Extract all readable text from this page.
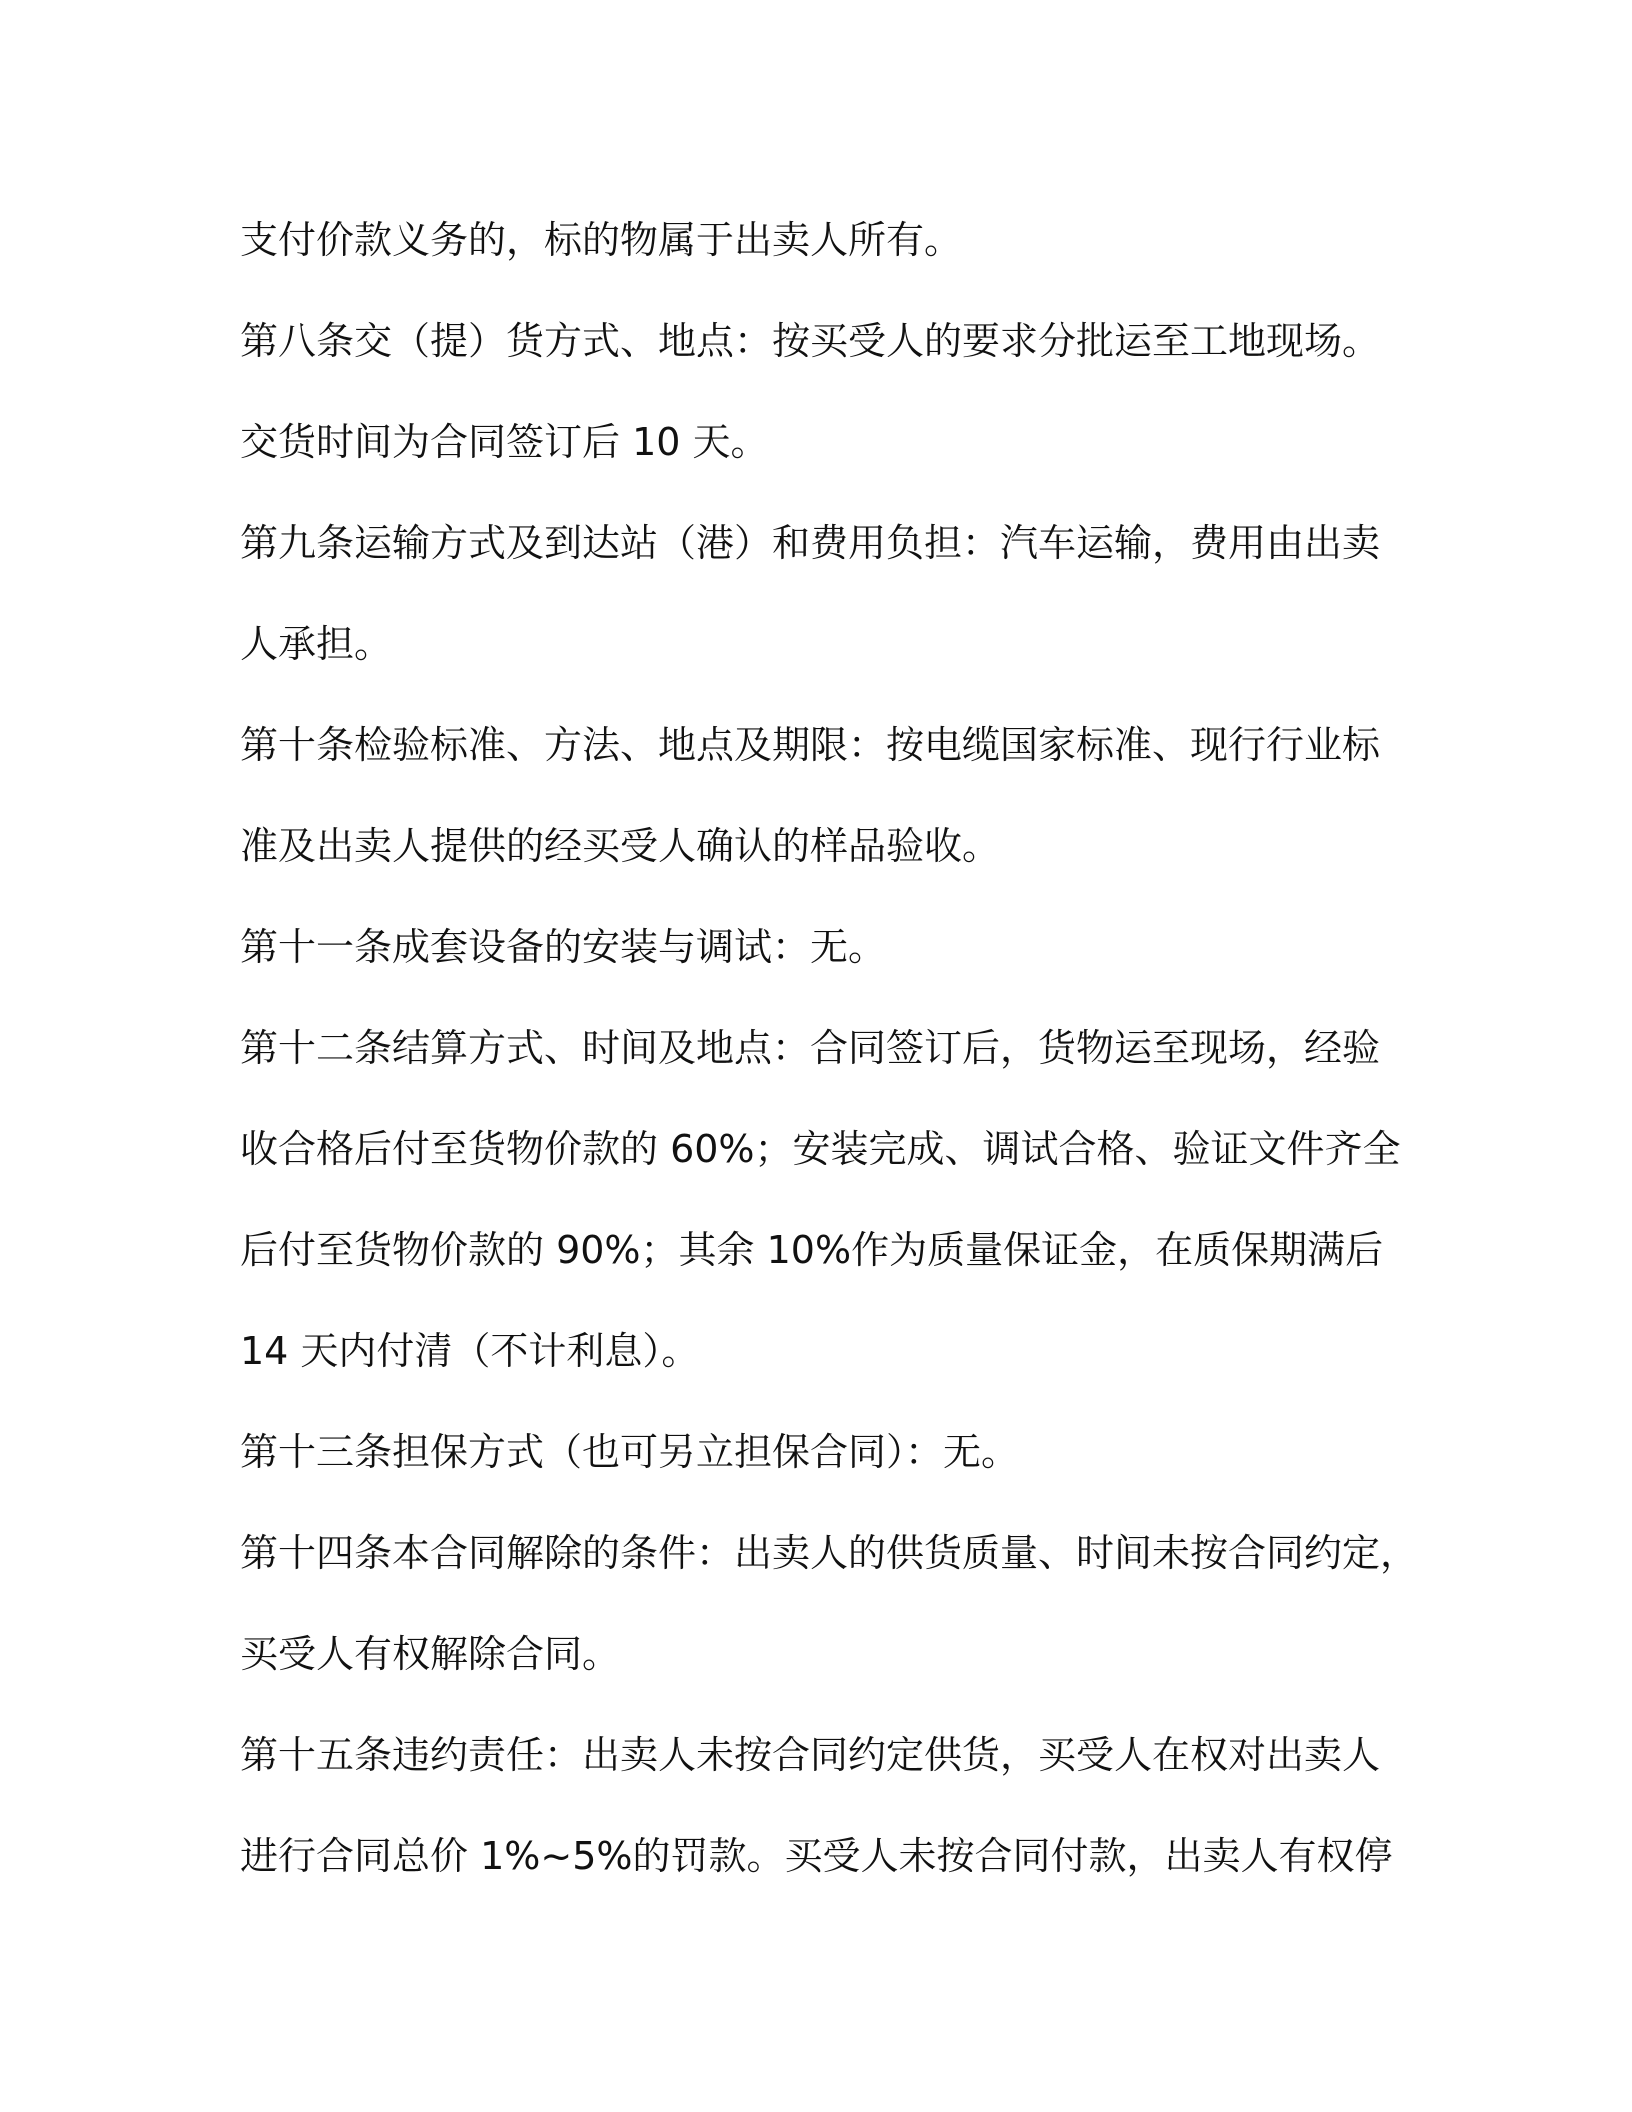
支付价款义务的，标的物属于出卖人所有。
第八条交（提）货方式、地点：按买受人的要求分批运至工地现场。
交货时间为合同签订后 10 天。
第九条运输方式及到达站（港）和费用负担：汽车运输，费用由出卖
人承担。
第十条检验标准、方法、地点及期限：按电缆国家标准、现行行业标
准及出卖人提供的经买受人确认的样品验收。
第十一条成套设备的安装与调试：无。
第十二条结算方式、时间及地点：合同签订后，货物运至现场，经验
收合格后付至货物价款的 60%；安装完成、调试合格、验证文件齐全
后付至货物价款的 90%；其余 10%作为质量保证金，在质保期满后
14 天内付清（不计利息）。
第十三条担保方式（也可另立担保合同）：无。
第十四条本合同解除的条件：出卖人的供货质量、时间未按合同约定，
买受人有权解除合同。
第十五条违约责任：出卖人未按合同约定供货，买受人在权对出卖人
进行合同总价 1%~5%的罚款。买受人未按合同付款，出卖人有权停
